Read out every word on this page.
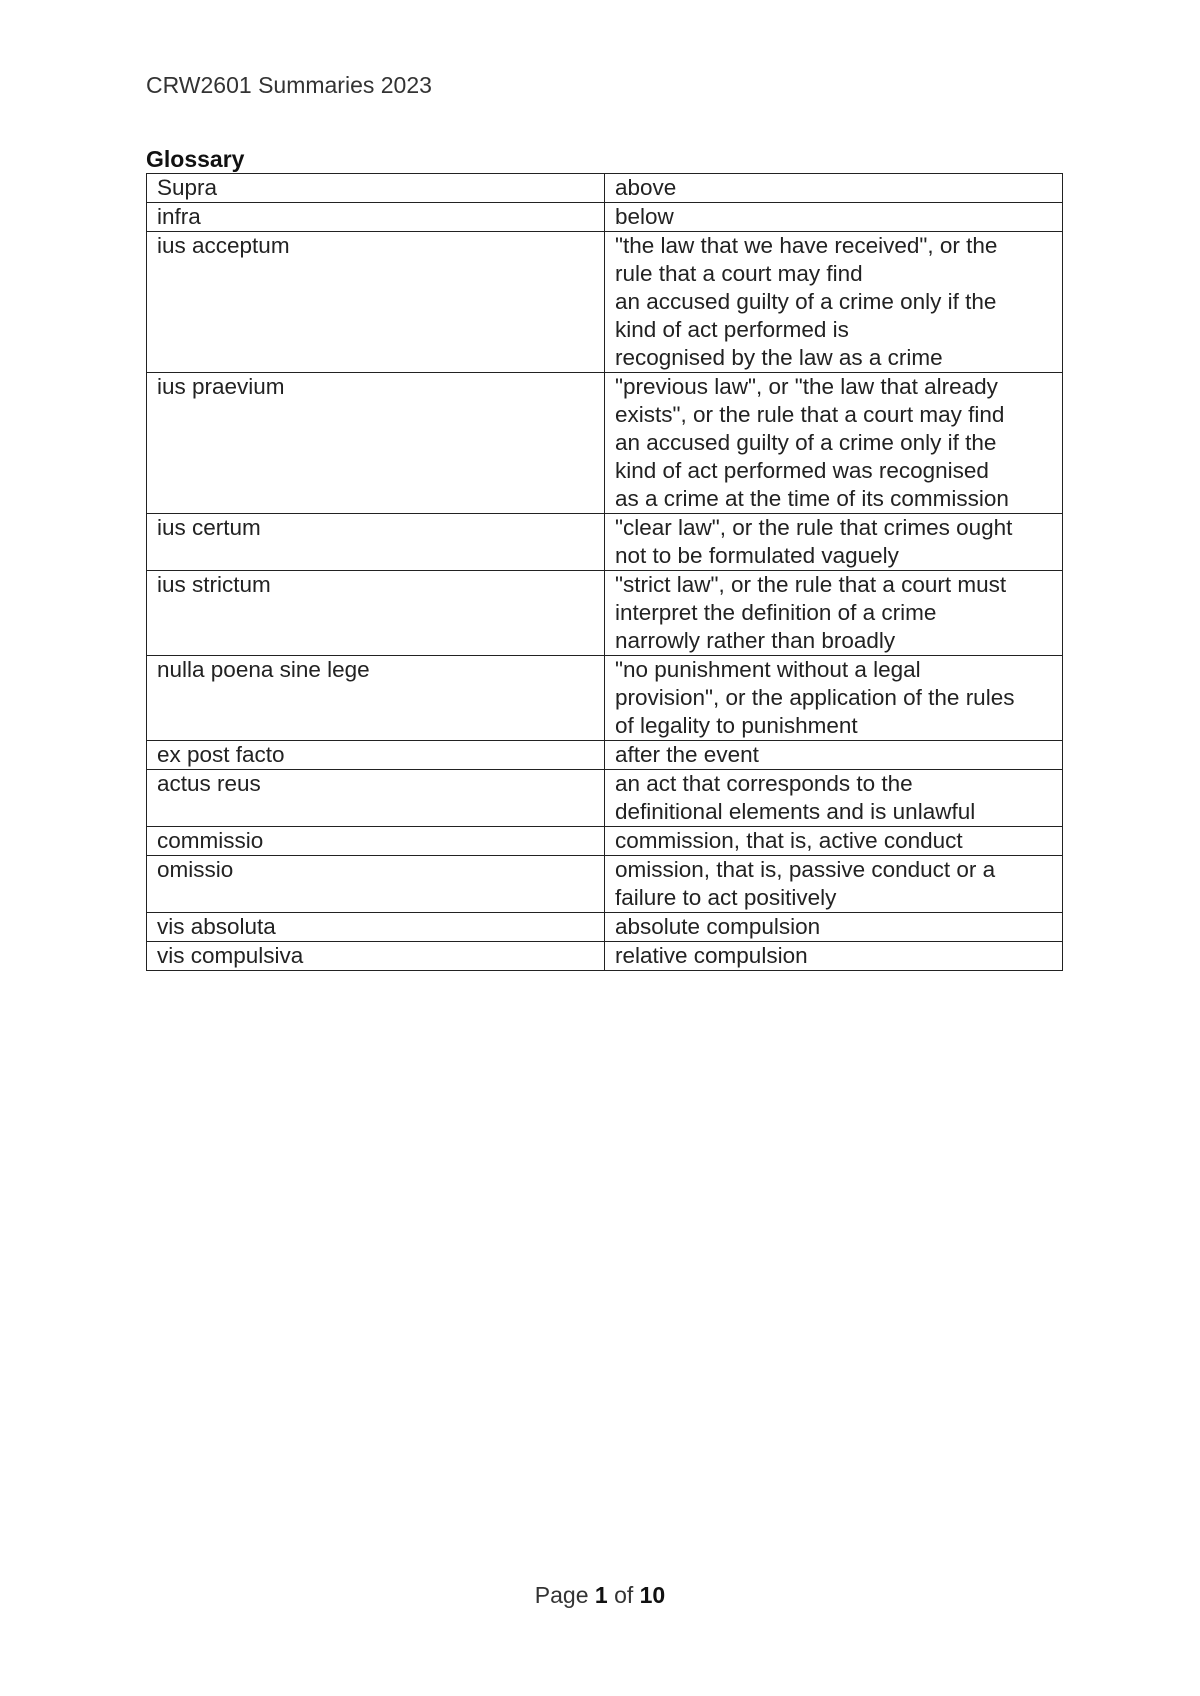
CRW2601 Summaries 2023
Glossary
Supra	above

infra	below

ius acceptum	"the law that we have received", or the
rule that a court may find
an accused guilty of a crime only if the
kind of act performed is
recognised by the law as a crime

ius praevium	"previous law", or "the law that already
exists", or the rule that a court may find
an accused guilty of a crime only if the
kind of act performed was recognised
as a crime at the time of its commission

ius certum	"clear law", or the rule that crimes ought
not to be formulated vaguely

ius strictum	"strict law", or the rule that a court must
interpret the definition of a crime
narrowly rather than broadly

nulla poena sine lege	"no punishment without a legal
provision", or the application of the rules
of legality to punishment

ex post facto	after the event

actus reus	an act that corresponds to the
definitional elements and is unlawful

commissio	commission, that is, active conduct

omissio	omission, that is, passive conduct or a
failure to act positively

vis absoluta	absolute compulsion

vis compulsiva	relative compulsion
Page 1 of 10
